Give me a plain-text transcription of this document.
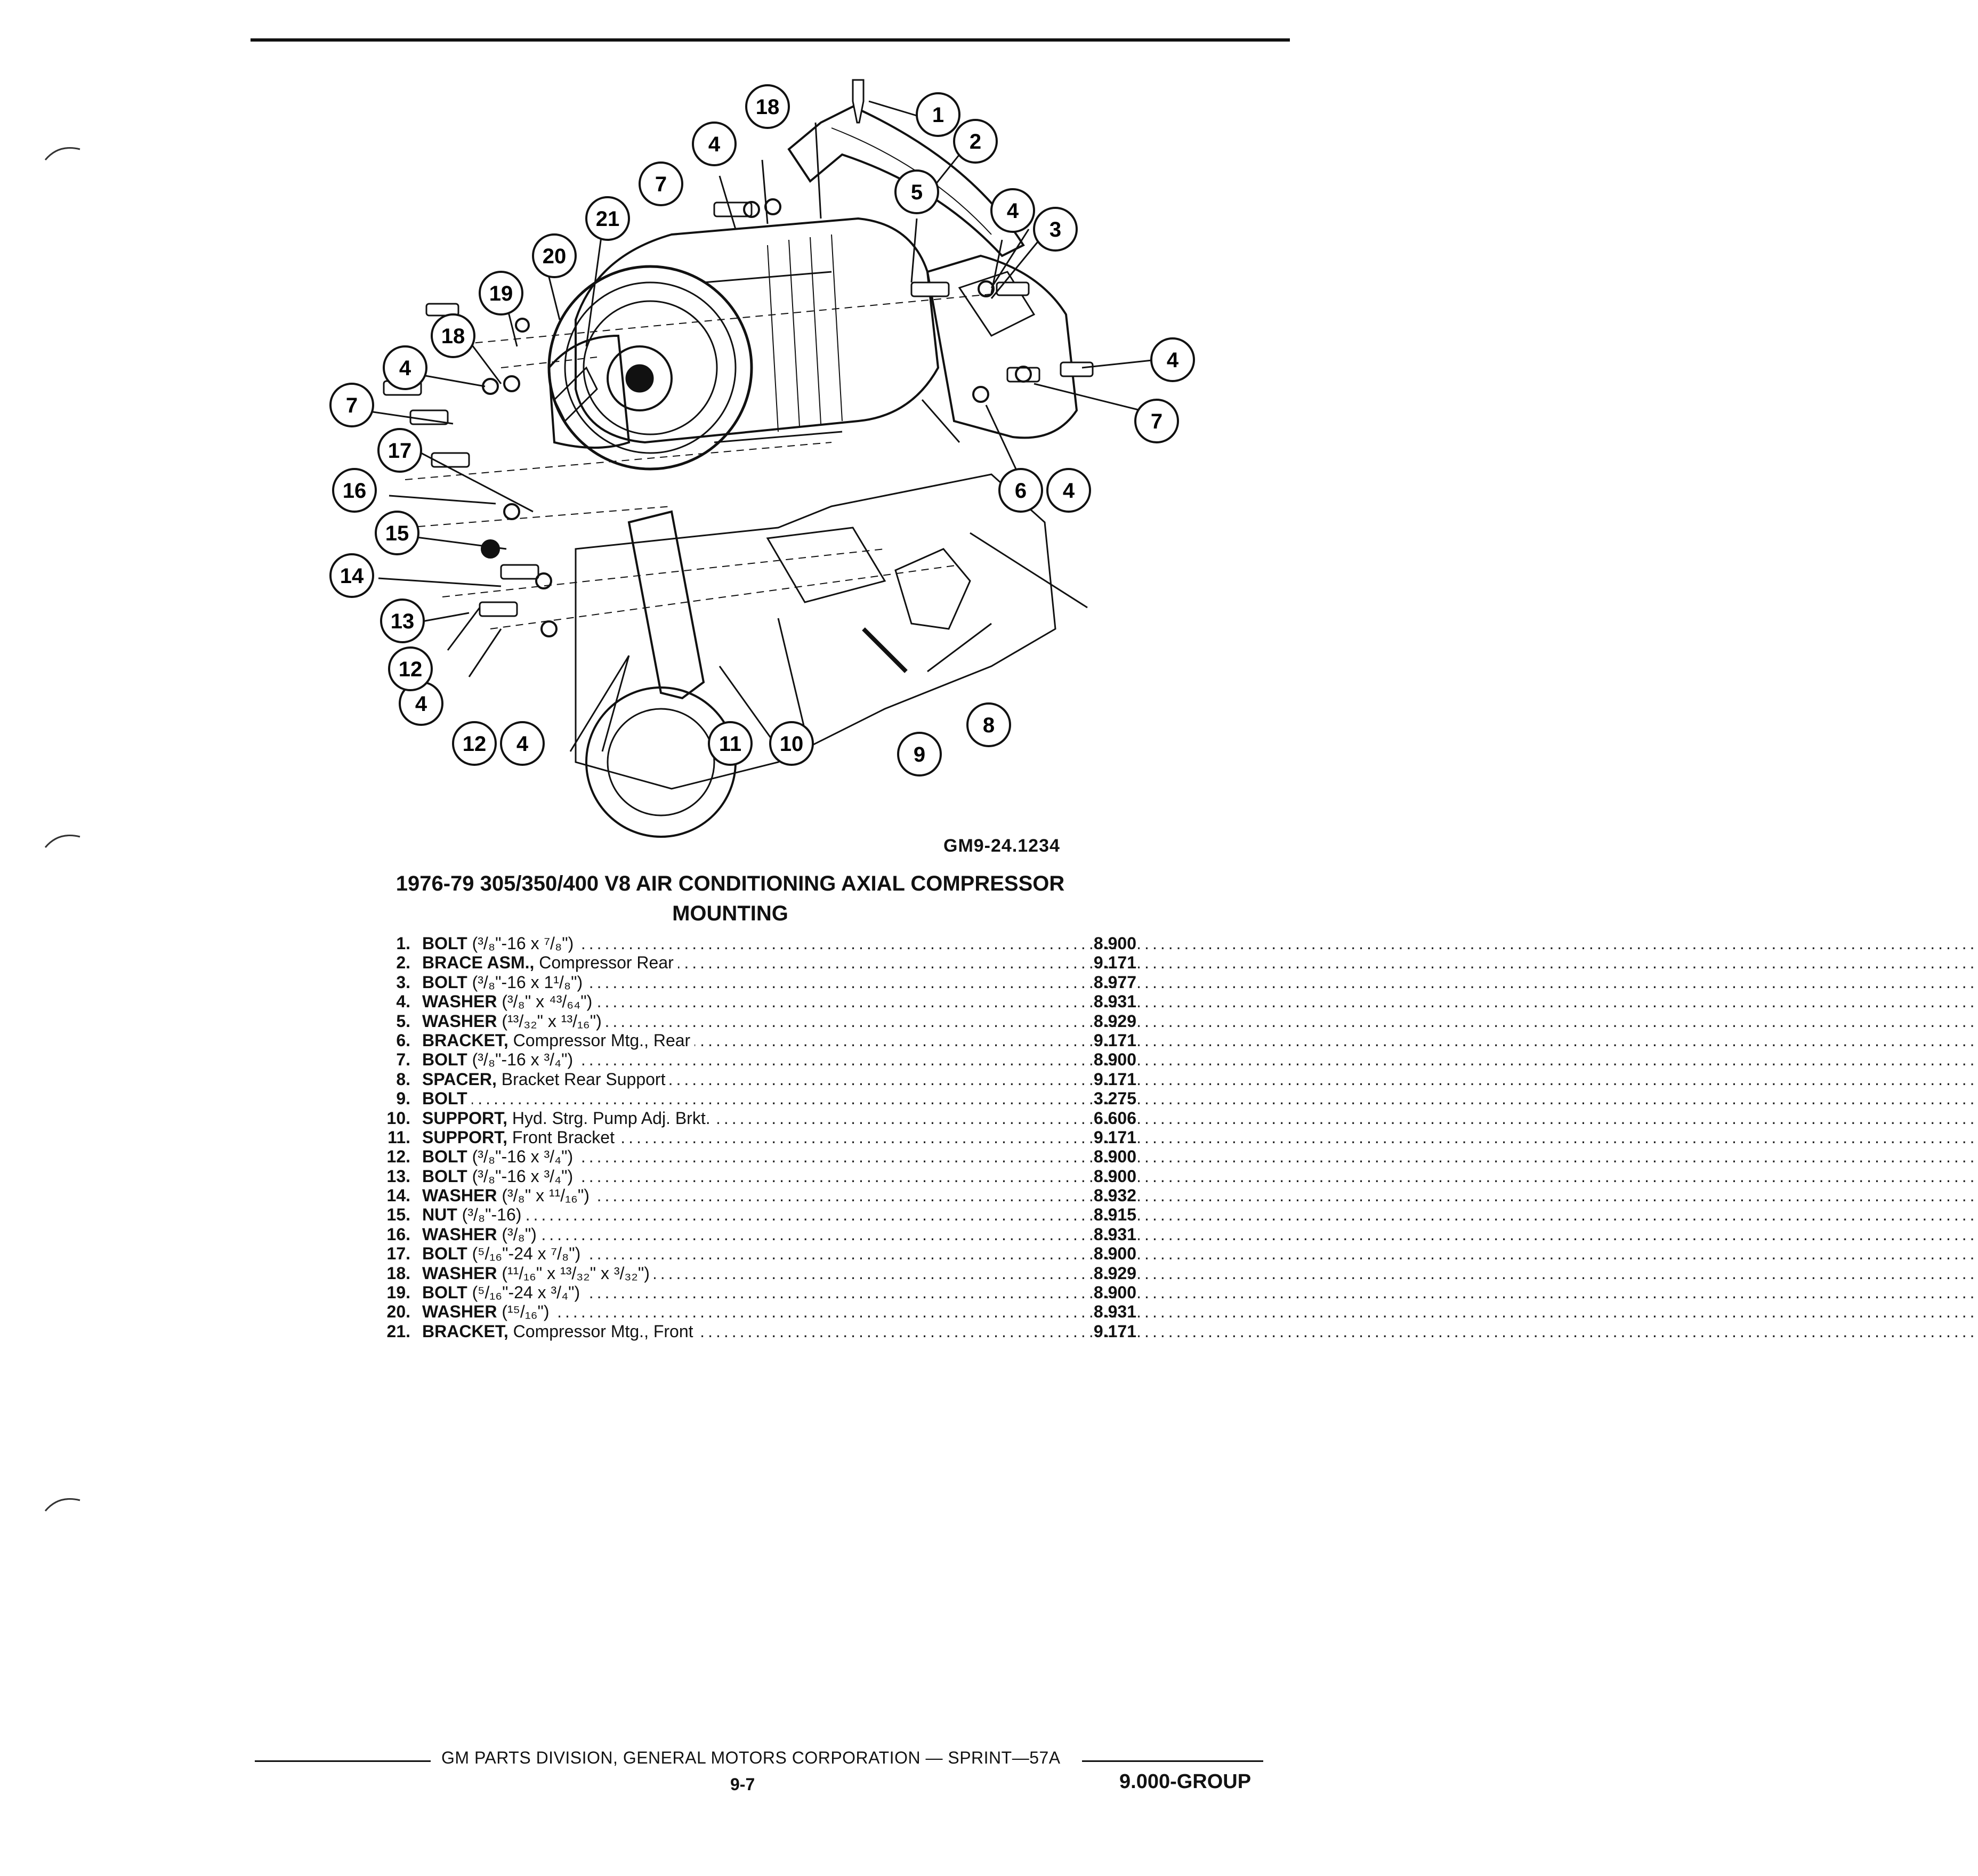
1
2
3
4
5
4
7
6 4
8
9
10
11
4
12
4
12
13
14
15
16
17
7
4
18
19
20
21
7
4
18
GM9-24.1234
1976-79 305/350/400 V8 AIR CONDITIONING AXIAL COMPRESSOR
MOUNTING
1. BOLT (³/₈"-16 x ⁷/₈") .....	8.900
2. BRACE ASM., Compressor Rear .....	9.171
3. BOLT (³/₈"-16 x 1¹/₈") .....	8.977
4. WASHER (³/₈" x ⁴³/₆₄") .....	8.931
5. WASHER (¹³/₃₂" x ¹³/₁₆") .....	8.929
6. BRACKET, Compressor Mtg., Rear .....	9.171
7. BOLT (³/₈"-16 x ³/₄") .....	8.900
8. SPACER, Bracket Rear Support .....	9.171
9. BOLT .....	3.275
10. SUPPORT, Hyd. Strg. Pump Adj. Brkt. .....	6.606
11. SUPPORT, Front Bracket .....	9.171
12. BOLT (³/₈"-16 x ³/₄") .....	8.900
13. BOLT (³/₈"-16 x ³/₄") .....	8.900
14. WASHER (³/₈" x ¹¹/₁₆") .....	8.932
15. NUT (³/₈"-16) .....	8.915
16. WASHER (³/₈") .....	8.931
17. BOLT (⁵/₁₆"-24 x ⁷/₈") .....	8.900
18. WASHER (¹¹/₁₆" x ¹³/₃₂" x ³/₃₂") .....	8.929
19. BOLT (⁵/₁₆"-24 x ³/₄") .....	8.900
20. WASHER (¹⁵/₁₆") .....	8.931
21. BRACKET, Compressor Mtg., Front .....	9.171
GM PARTS DIVISION, GENERAL MOTORS CORPORATION — SPRINT—57A
9-7	9.000-GROUP
